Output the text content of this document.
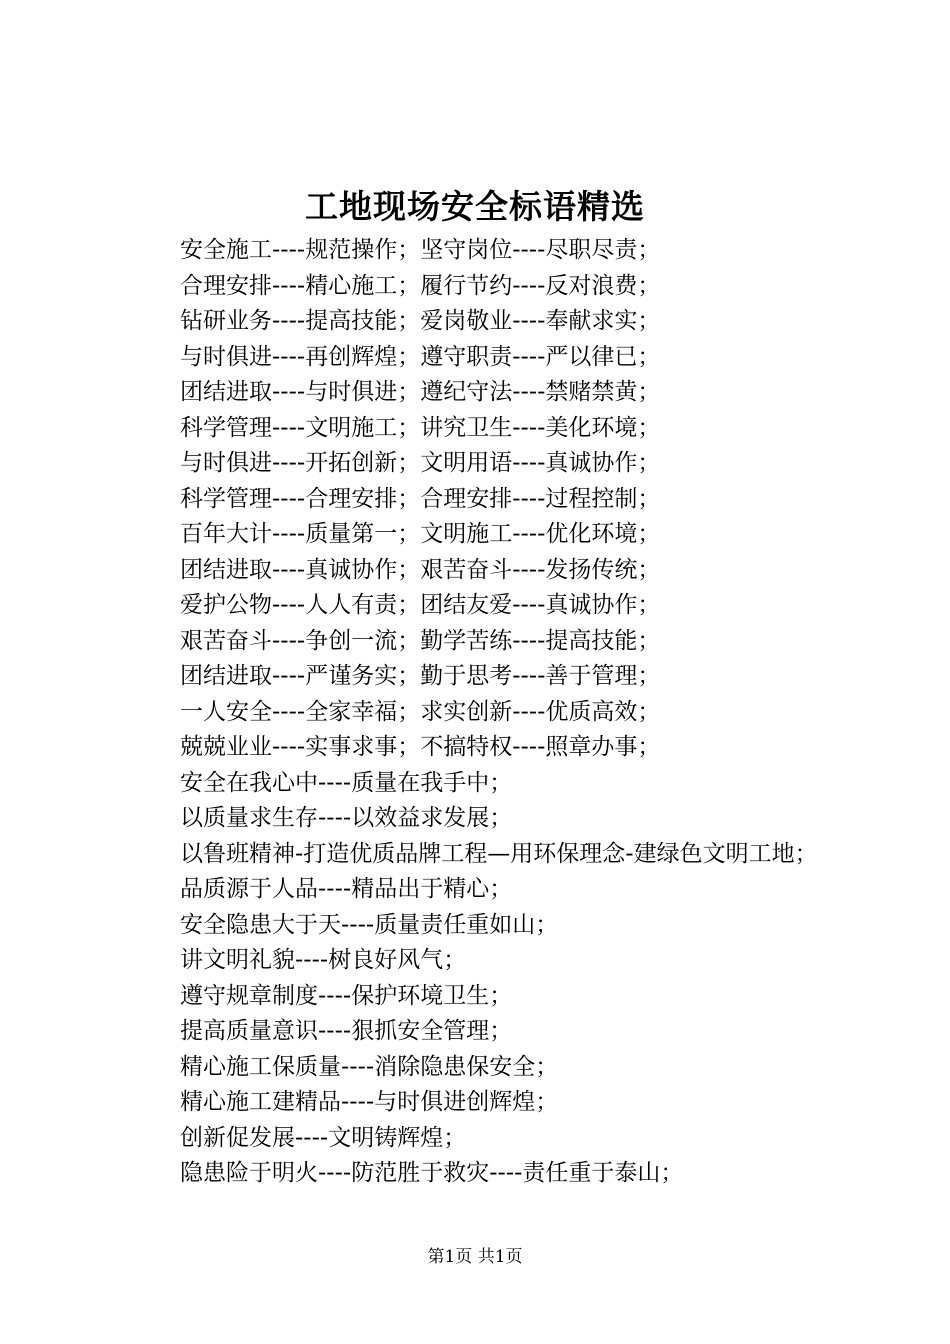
工地现场安全标语精选
安全施工----规范操作；坚守岗位----尽职尽责；
合理安排----精心施工；履行节约----反对浪费；
钻研业务----提高技能；爱岗敬业----奉献求实；
与时俱进----再创辉煌；遵守职责----严以律已；
团结进取----与时俱进；遵纪守法----禁赌禁黄；
科学管理----文明施工；讲究卫生----美化环境；
与时俱进----开拓创新；文明用语----真诚协作；
科学管理----合理安排；合理安排----过程控制；
百年大计----质量第一；文明施工----优化环境；
团结进取----真诚协作；艰苦奋斗----发扬传统；
爱护公物----人人有责；团结友爱----真诚协作；
艰苦奋斗----争创一流；勤学苦练----提高技能；
团结进取----严谨务实；勤于思考----善于管理；
一人安全----全家幸福；求实创新----优质高效；
兢兢业业----实事求事；不搞特权----照章办事；
安全在我心中----质量在我手中；
以质量求生存----以效益求发展；
以鲁班精神-打造优质品牌工程—用环保理念-建绿色文明工地；
品质源于人品----精品出于精心；
安全隐患大于天----质量责任重如山；
讲文明礼貌----树良好风气；
遵守规章制度----保护环境卫生；
提高质量意识----狠抓安全管理；
精心施工保质量----消除隐患保安全；
精心施工建精品----与时俱进创辉煌；
创新促发展----文明铸辉煌；
隐患险于明火----防范胜于救灾----责任重于泰山；
第1页 共1页
